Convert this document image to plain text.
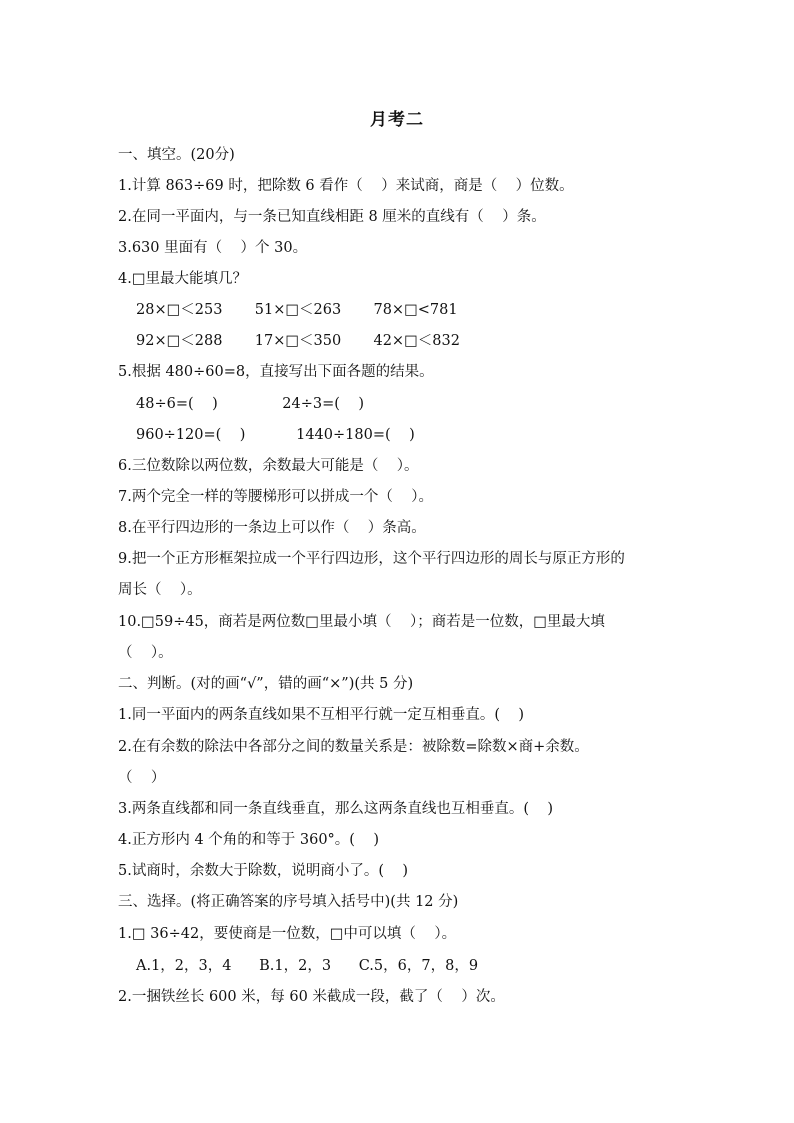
月考二
一、填空。(20分)
1.计算 863÷69 时，把除数 6 看作（    ）来试商，商是（    ）位数。
2.在同一平面内，与一条已知直线相距 8 厘米的直线有（    ）条。
3.630 里面有（    ）个 30。
4.□里最大能填几？
28×□＜253       51×□＜263       78×□<781
92×□＜288       17×□＜350       42×□＜832
5.根据 480÷60=8，直接写出下面各题的结果。
48÷6=(    )              24÷3=(    )
960÷120=(    )           1440÷180=(    )
6.三位数除以两位数，余数最大可能是（    ）。
7.两个完全一样的等腰梯形可以拼成一个（    ）。
8.在平行四边形的一条边上可以作（    ）条高。
9.把一个正方形框架拉成一个平行四边形，这个平行四边形的周长与原正方形的
周长（    ）。
10.□59÷45，商若是两位数□里最小填（    ）；商若是一位数，□里最大填
（    ）。
二、判断。(对的画“√”，错的画“×”)(共 5 分)
1.同一平面内的两条直线如果不互相平行就一定互相垂直。(    )
2.在有余数的除法中各部分之间的数量关系是：被除数=除数×商+余数。
（    ）
3.两条直线都和同一条直线垂直，那么这两条直线也互相垂直。(    )
4.正方形内 4 个角的和等于 360°。(    )
5.试商时，余数大于除数，说明商小了。(    )
三、选择。(将正确答案的序号填入括号中)(共 12 分)
1.□ 36÷42，要使商是一位数，□中可以填（    ）。
A.1，2，3，4      B.1，2，3      C.5，6，7，8，9
2.一捆铁丝长 600 米，每 60 米截成一段，截了（    ）次。
